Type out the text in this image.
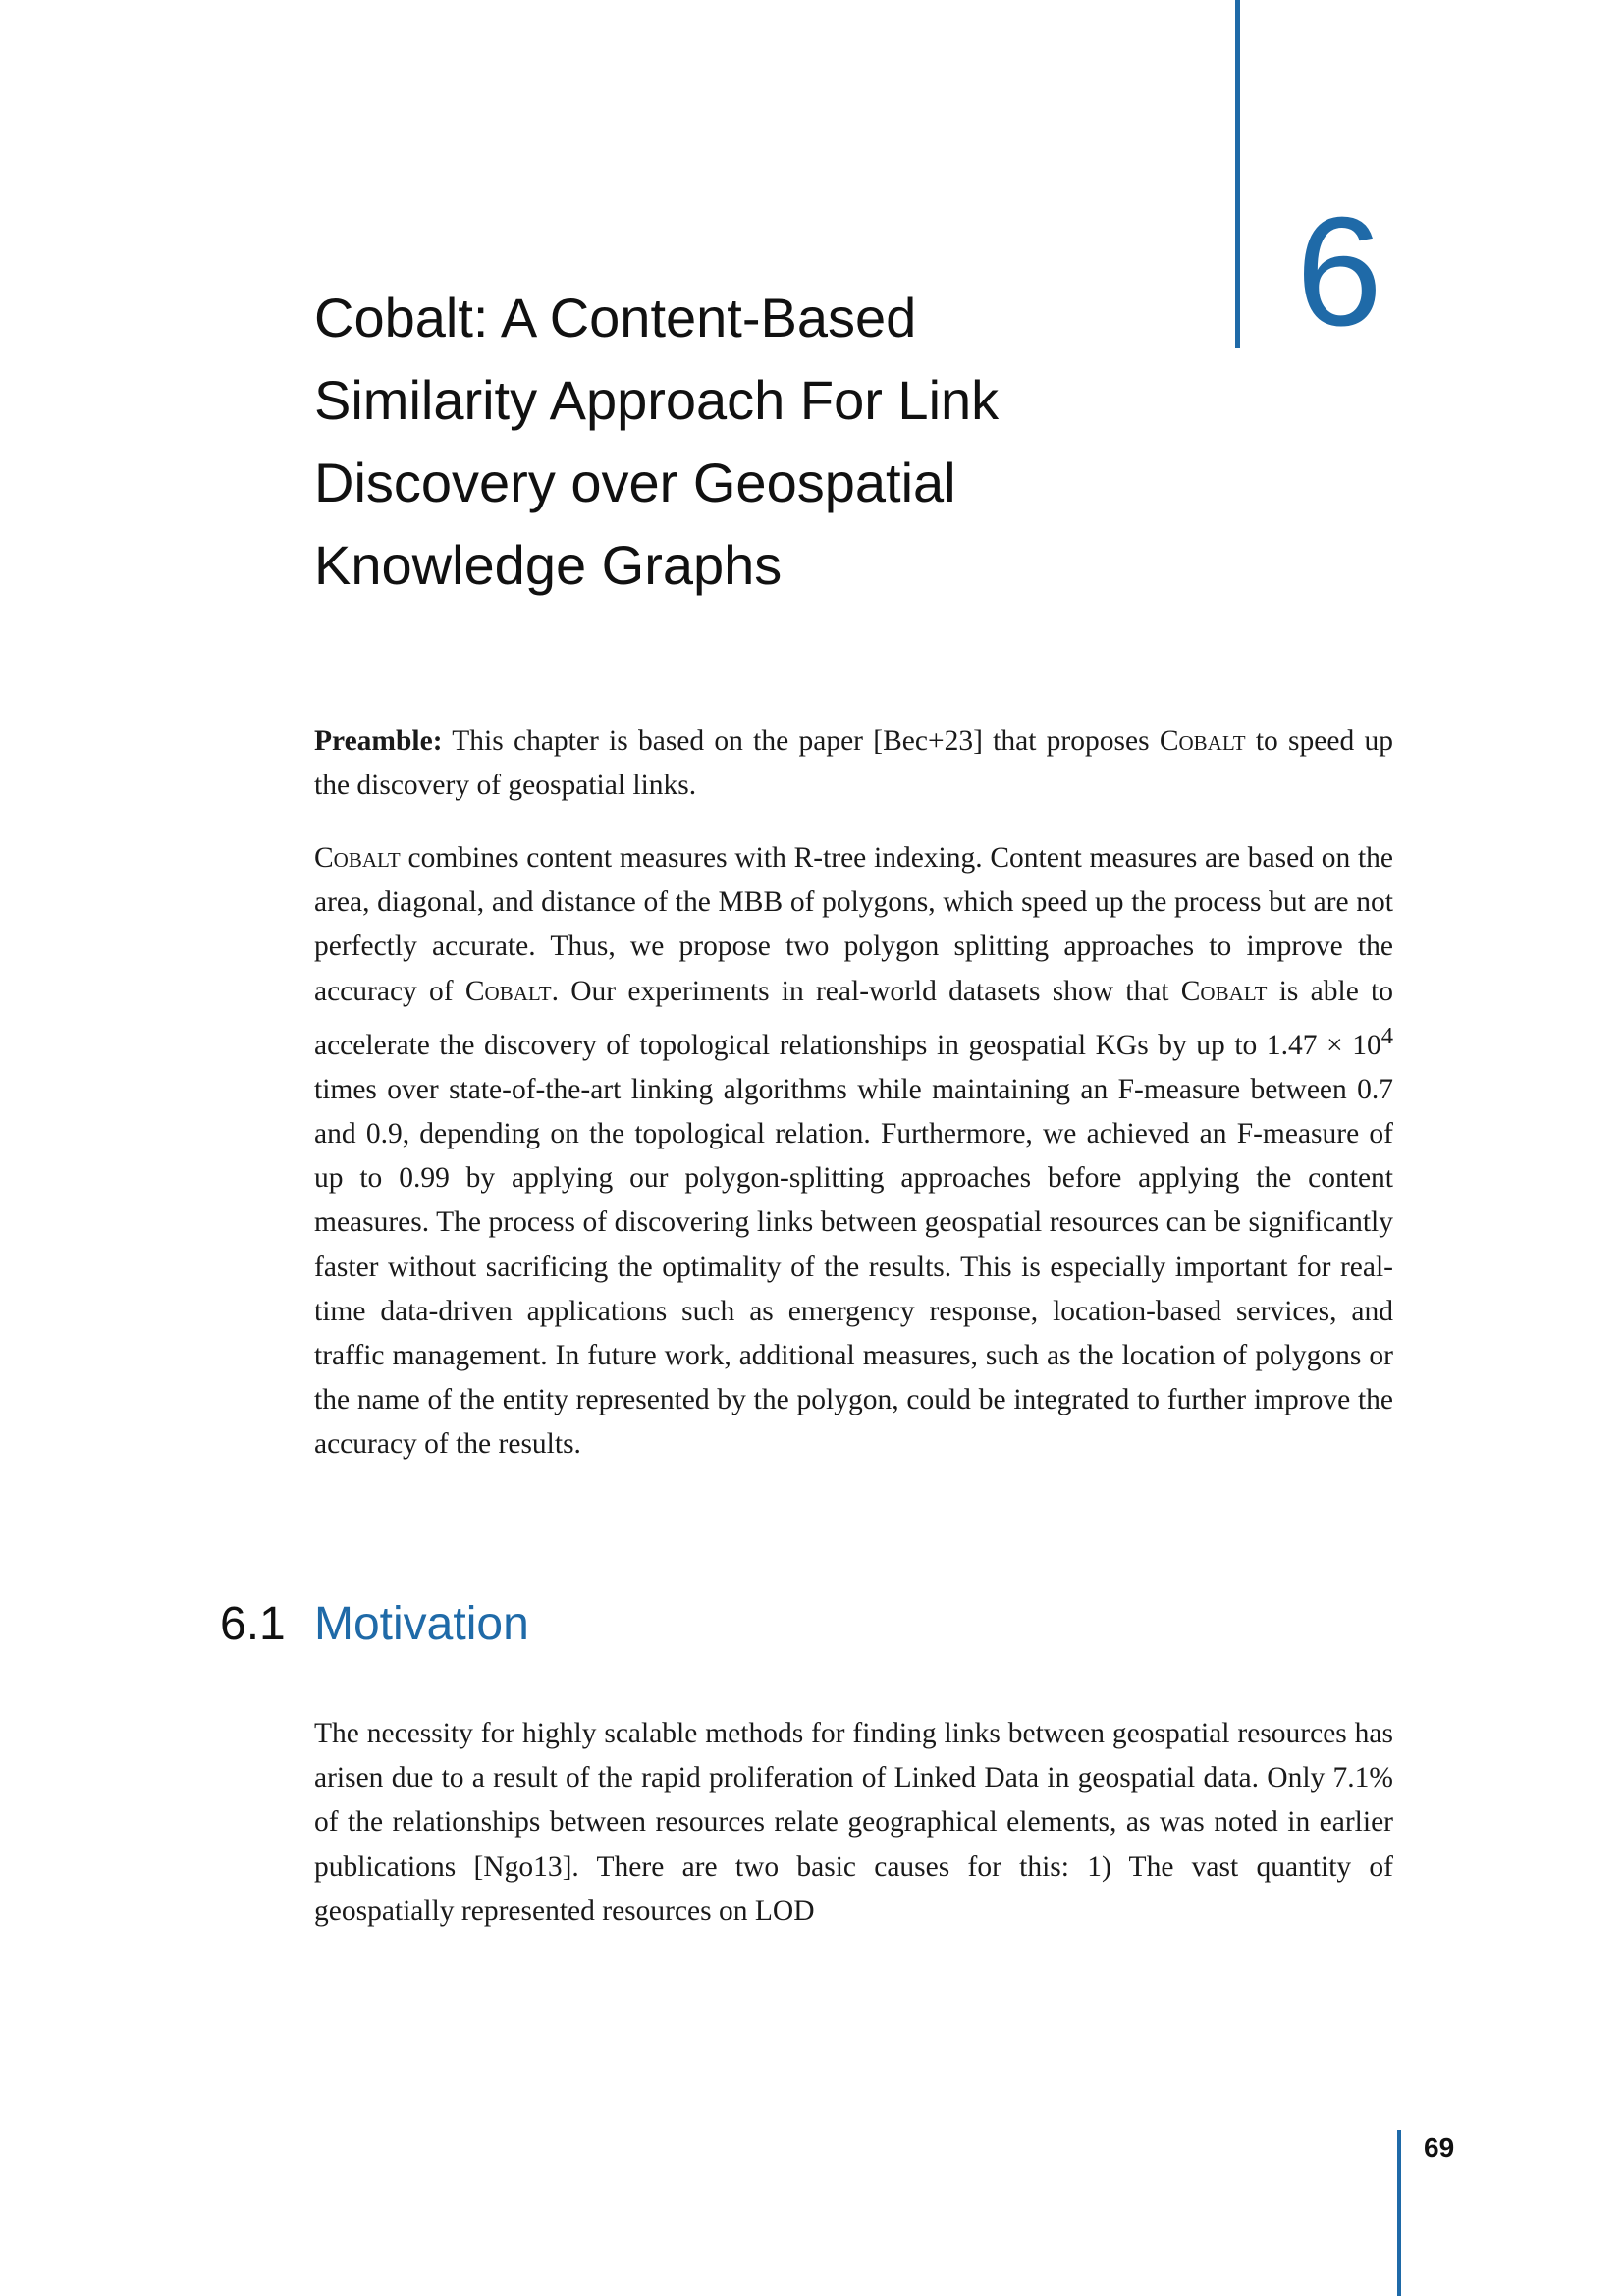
6
Cobalt: A Content-Based
Similarity Approach For Link
Discovery over Geospatial
Knowledge Graphs

Preamble: This chapter is based on the paper [Bec+23] that proposes Cobalt to speed up the discovery of geospatial links.

Cobalt combines content measures with R-tree indexing. Content measures are based on the area, diagonal, and distance of the MBB of polygons, which speed up the process but are not perfectly accurate. Thus, we propose two polygon splitting approaches to improve the accuracy of Cobalt. Our experiments in real-world datasets show that Cobalt is able to accelerate the discovery of topological relationships in geospatial KGs by up to $1.47 \times 10^4$ times over state-of-the-art linking algorithms while maintaining an F-measure between 0.7 and 0.9, depending on the topological relation. Furthermore, we achieved an F-measure of up to 0.99 by applying our polygon-splitting approaches before applying the content measures. The process of discovering links between geospatial resources can be significantly faster without sacrificing the optimality of the results. This is especially important for real-time data-driven applications such as emergency response, location-based services, and traffic management. In future work, additional measures, such as the location of polygons or the name of the entity represented by the polygon, could be integrated to further improve the accuracy of the results.

6.1 Motivation

The necessity for highly scalable methods for finding links between geospatial resources has arisen due to a result of the rapid proliferation of Linked Data in geospatial data. Only 7.1% of the relationships between resources relate geographical elements, as was noted in earlier publications [Ngo13]. There are two basic causes for this: 1) The vast quantity of geospatially represented resources on LOD

69
